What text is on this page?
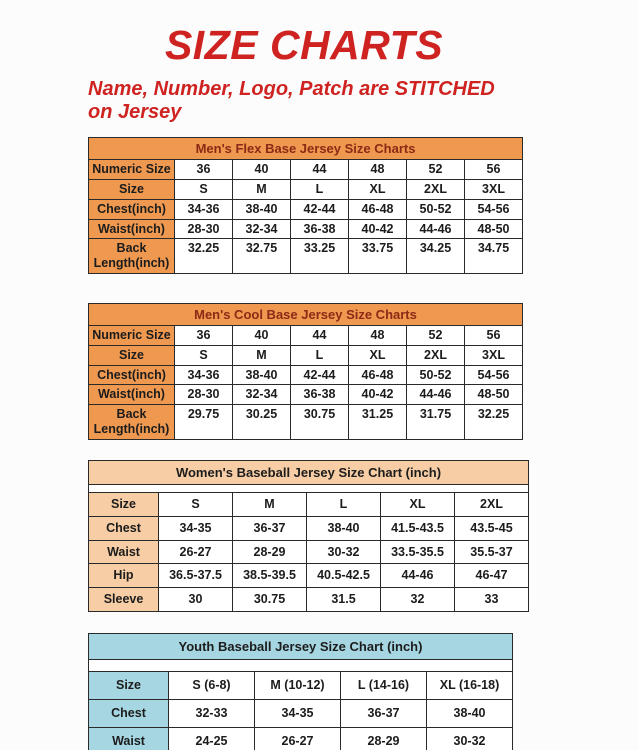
SIZE CHARTS

Name, Number, Logo, Patch are STITCHED
on Jersey

Men's Flex Base Jersey Size Charts						
Numeric Size	36	40	44	48	52	56
Size	S	M	L	XL	2XL	3XL
Chest(inch)	34-36	38-40	42-44	46-48	50-52	54-56
Waist(inch)	28-30	32-34	36-38	40-42	44-46	48-50
Back Length(inch)	32.25	32.75	33.25	33.75	34.25	34.75
Men's Cool Base Jersey Size Charts						
Numeric Size	36	40	44	48	52	56
Size	S	M	L	XL	2XL	3XL
Chest(inch)	34-36	38-40	42-44	46-48	50-52	54-56
Waist(inch)	28-30	32-34	36-38	40-42	44-46	48-50
Back Length(inch)	29.75	30.25	30.75	31.25	31.75	32.25
Women's Baseball Jersey Size Chart (inch)					

Size	S	M	L	XL	2XL
Chest	34-35	36-37	38-40	41.5-43.5	43.5-45
Waist	26-27	28-29	30-32	33.5-35.5	35.5-37
Hip	36.5-37.5	38.5-39.5	40.5-42.5	44-46	46-47
Sleeve	30	30.75	31.5	32	33
Youth Baseball Jersey Size Chart (inch)				

Size	S (6-8)	M (10-12)	L (14-16)	XL (16-18)
Chest	32-33	34-35	36-37	38-40
Waist	24-25	26-27	28-29	30-32
